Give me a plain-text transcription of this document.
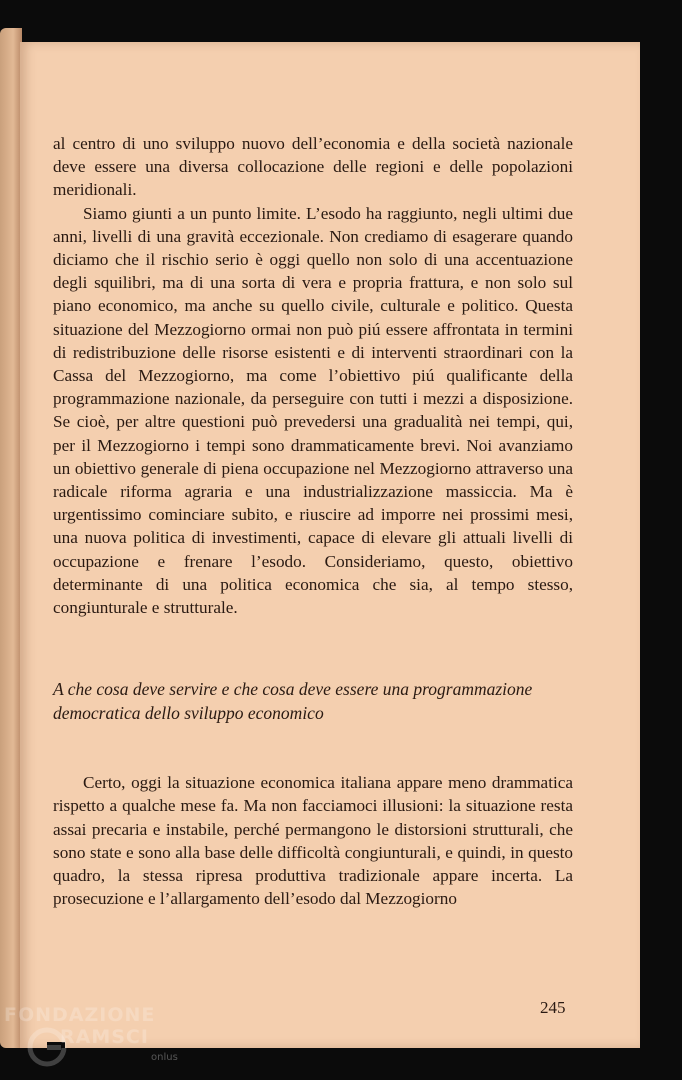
al centro di uno sviluppo nuovo dell’economia e della società nazionale deve essere una diversa collocazione delle regioni e delle popolazioni meridionali.

Siamo giunti a un punto limite. L’esodo ha raggiunto, negli ultimi due anni, livelli di una gravità eccezionale. Non crediamo di esagerare quando diciamo che il rischio serio è oggi quello non solo di una accentuazione degli squilibri, ma di una sorta di vera e propria frattura, e non solo sul piano economico, ma anche su quello civile, culturale e politico. Questa situazione del Mezzogiorno ormai non può piú essere affrontata in termini di redistribuzione delle risorse esistenti e di interventi straordinari con la Cassa del Mezzogiorno, ma come l’obiettivo piú qualificante della programmazione nazionale, da perseguire con tutti i mezzi a disposizione. Se cioè, per altre questioni può prevedersi una gradualità nei tempi, qui, per il Mezzogiorno i tempi sono drammaticamente brevi. Noi avanziamo un obiettivo generale di piena occupazione nel Mezzogiorno attraverso una radicale riforma agraria e una industrializzazione massiccia. Ma è urgentissimo cominciare subito, e riuscire ad imporre nei prossimi mesi, una nuova politica di investimenti, capace di elevare gli attuali livelli di occupazione e frenare l’esodo. Consideriamo, questo, obiettivo determinante di una politica economica che sia, al tempo stesso, congiunturale e strutturale.

A che cosa deve servire e che cosa deve essere una programmazione democratica dello sviluppo economico

Certo, oggi la situazione economica italiana appare meno drammatica rispetto a qualche mese fa. Ma non facciamoci illusioni: la situazione resta assai precaria e instabile, perché permangono le distorsioni strutturali, che sono state e sono alla base delle difficoltà congiunturali, e quindi, in questo quadro, la stessa ripresa produttiva tradizionale appare incerta. La prosecuzione e l’allargamento dell’esodo dal Mezzogiorno

245
FONDAZIONE
RAMSCI
onlus
